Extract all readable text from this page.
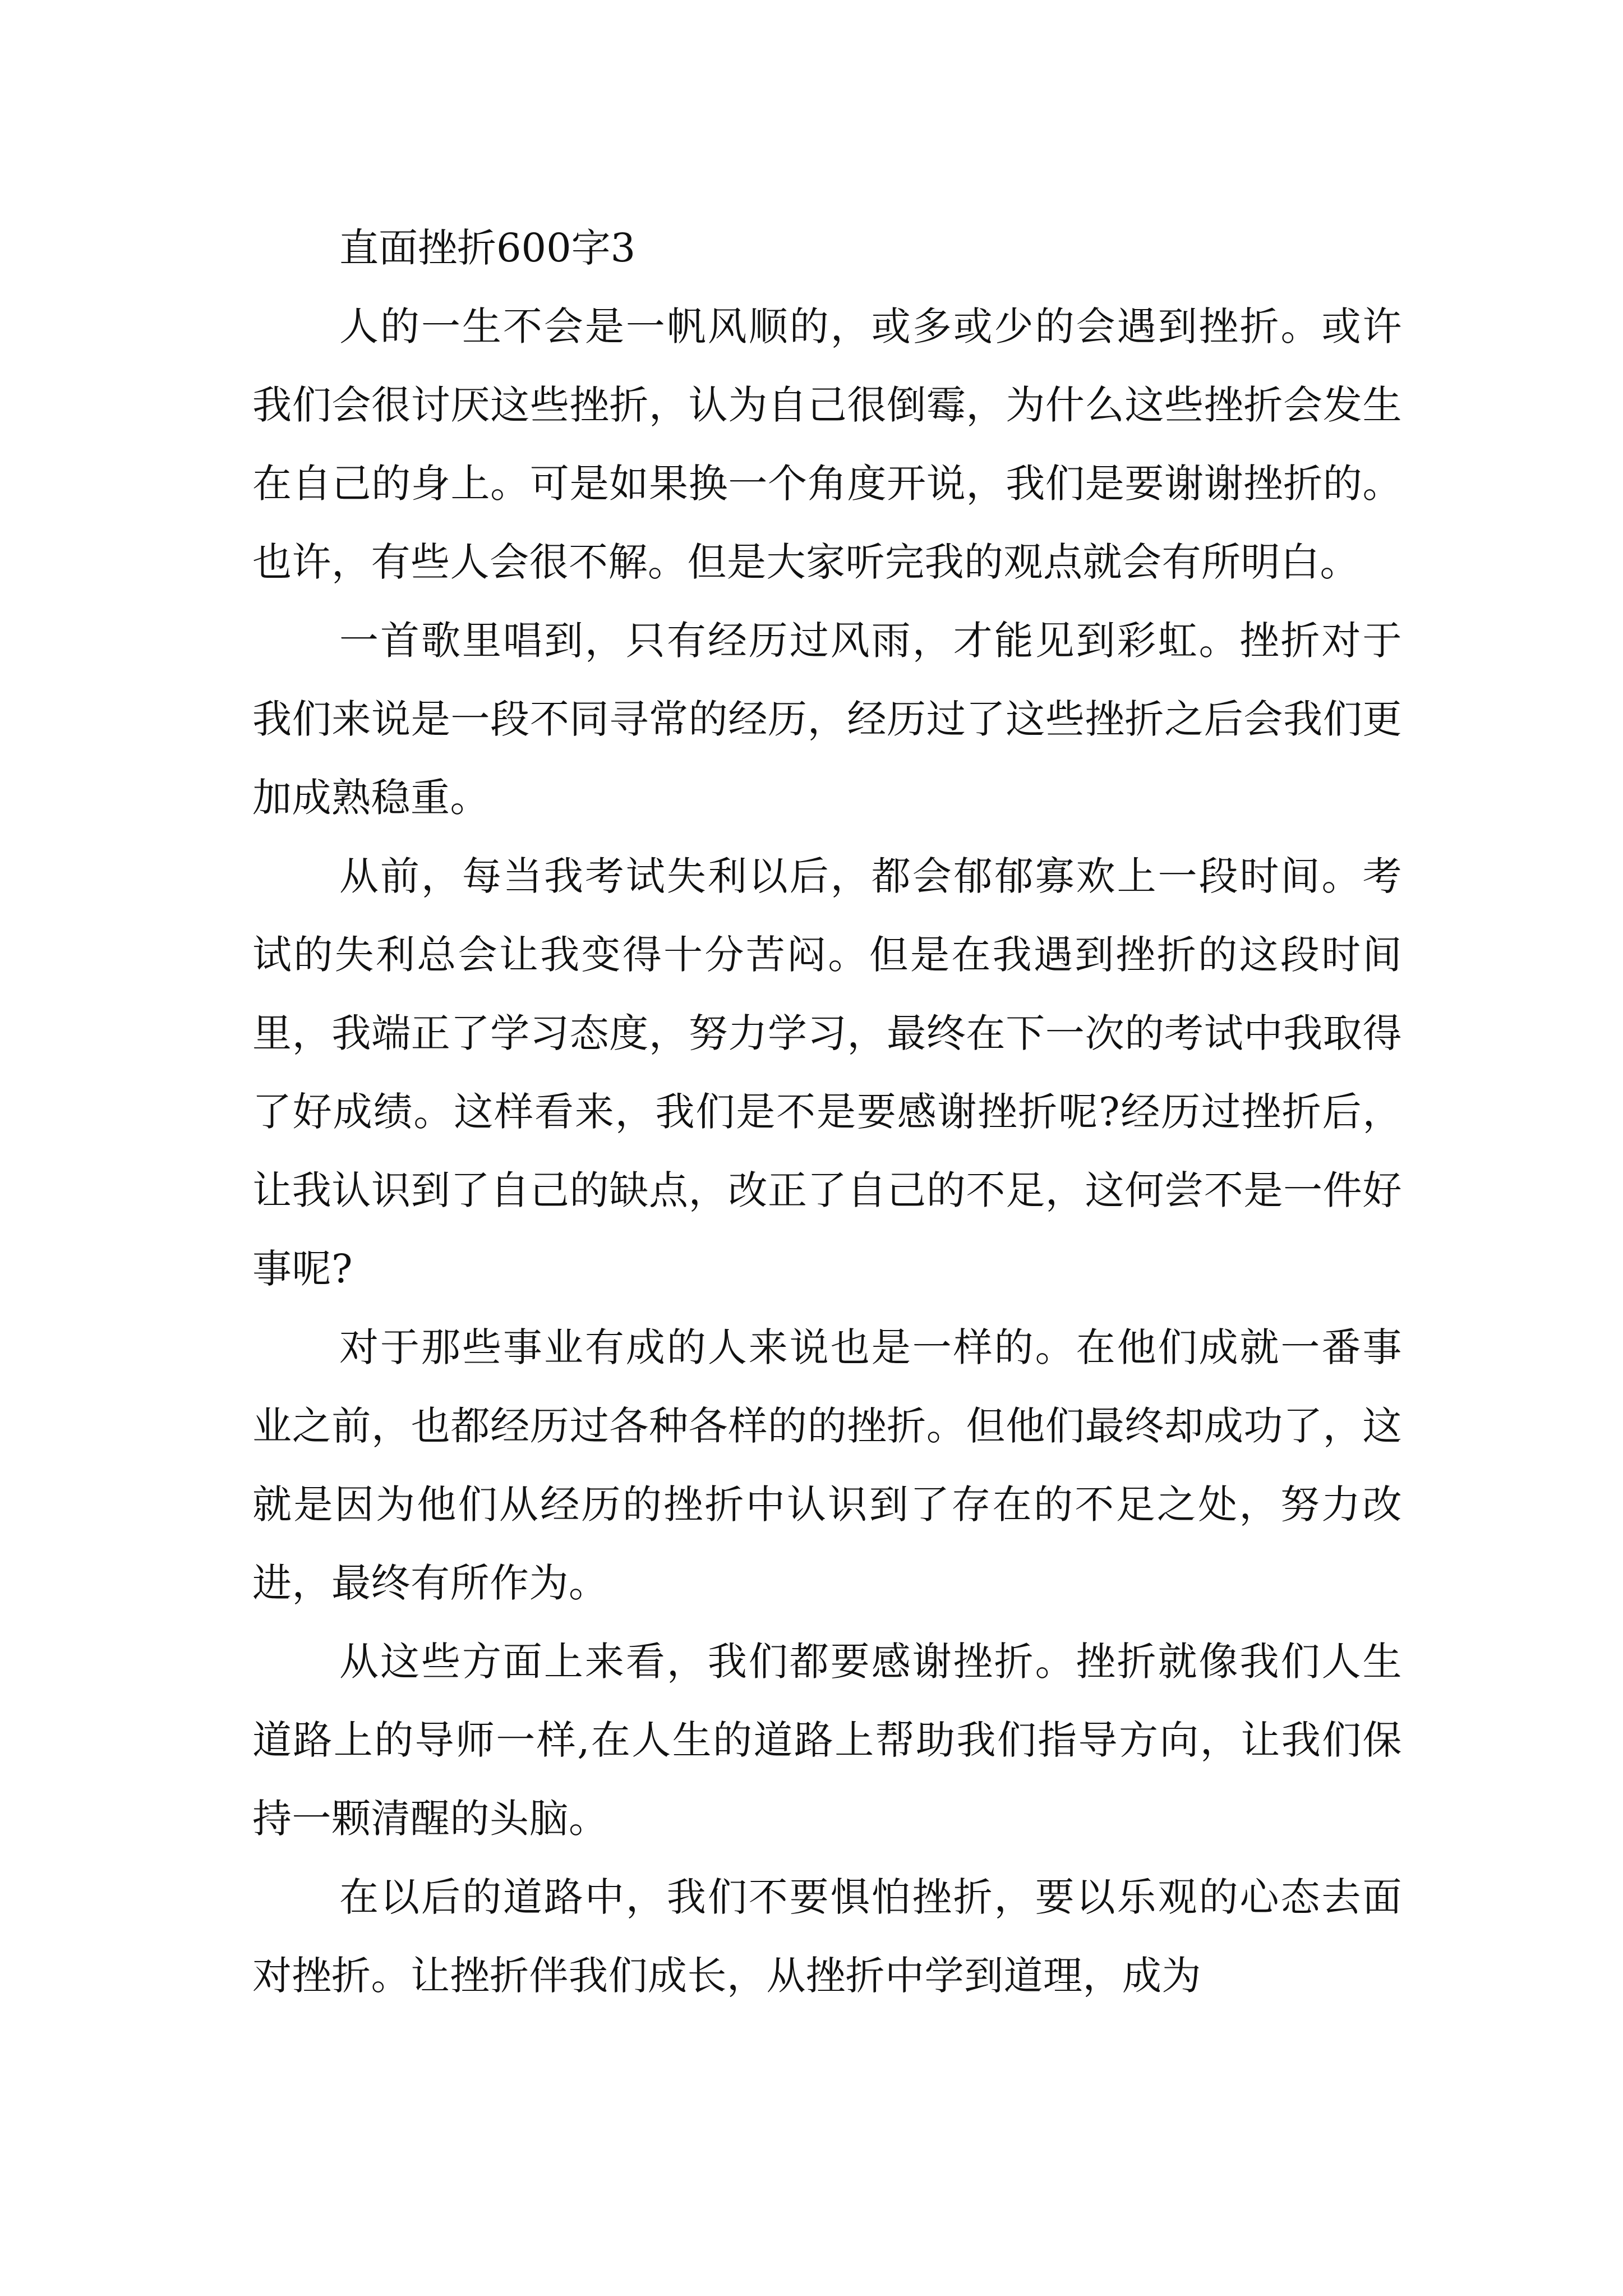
直面挫折600字3

人的一生不会是一帆风顺的，或多或少的会遇到挫折。或许我们会很讨厌这些挫折，认为自己很倒霉，为什么这些挫折会发生在自己的身上。可是如果换一个角度开说，我们是要谢谢挫折的。也许，有些人会很不解。但是大家听完我的观点就会有所明白。

一首歌里唱到，只有经历过风雨，才能见到彩虹。挫折对于我们来说是一段不同寻常的经历，经历过了这些挫折之后会我们更加成熟稳重。

从前，每当我考试失利以后，都会郁郁寡欢上一段时间。考试的失利总会让我变得十分苦闷。但是在我遇到挫折的这段时间里，我端正了学习态度，努力学习，最终在下一次的考试中我取得了好成绩。这样看来，我们是不是要感谢挫折呢?经历过挫折后，让我认识到了自己的缺点，改正了自己的不足，这何尝不是一件好事呢?

对于那些事业有成的人来说也是一样的。在他们成就一番事业之前，也都经历过各种各样的的挫折。但他们最终却成功了，这就是因为他们从经历的挫折中认识到了存在的不足之处，努力改进，最终有所作为。

从这些方面上来看，我们都要感谢挫折。挫折就像我们人生道路上的导师一样,在人生的道路上帮助我们指导方向，让我们保持一颗清醒的头脑。

在以后的道路中，我们不要惧怕挫折，要以乐观的心态去面对挫折。让挫折伴我们成长，从挫折中学到道理，成为
